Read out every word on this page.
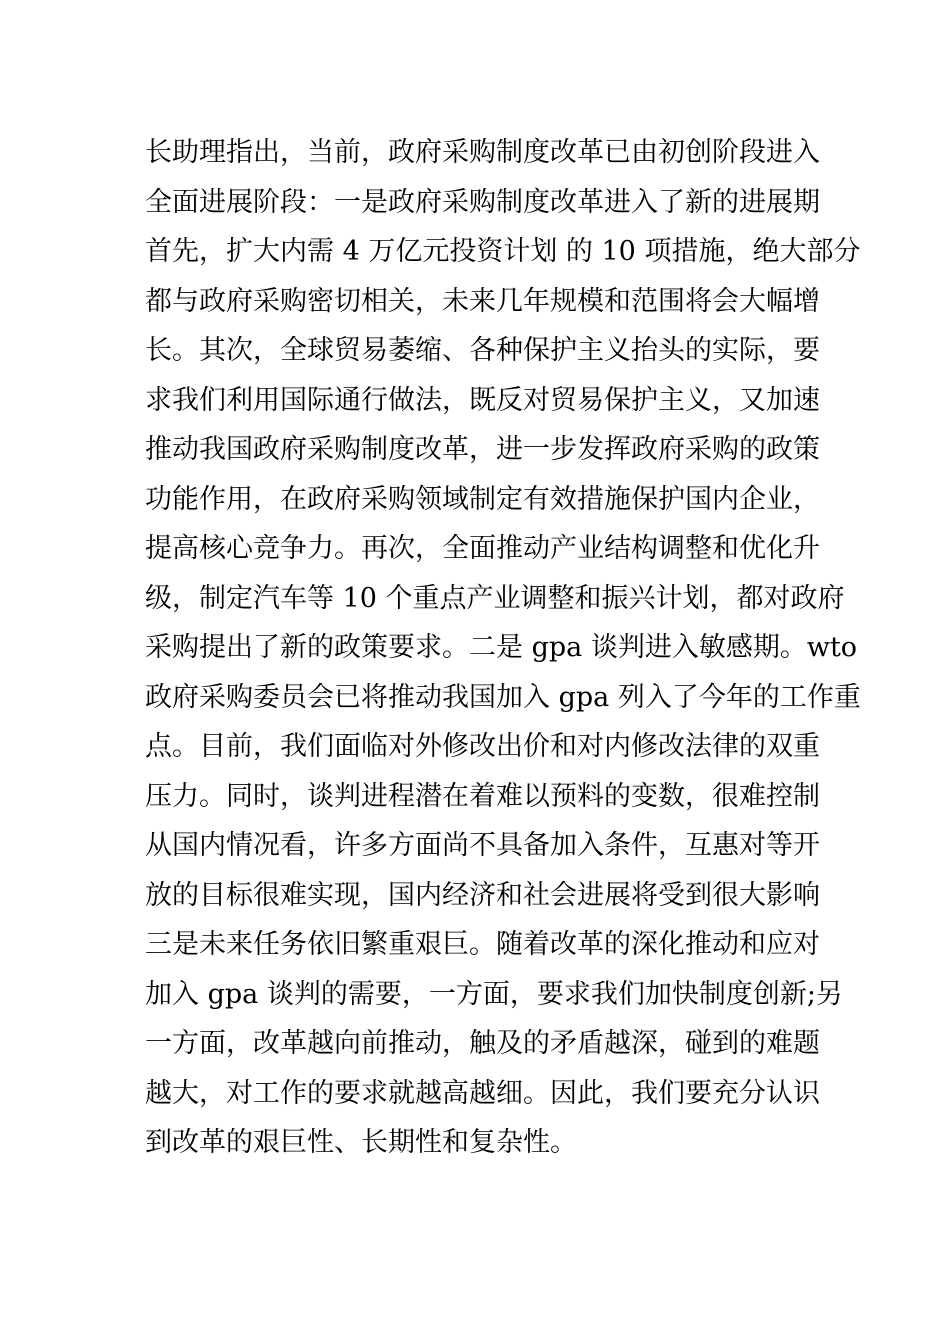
长助理指出，当前，政府采购制度改革已由初创阶段进入
全面进展阶段：一是政府采购制度改革进入了新的进展期
首先，扩大内需 4 万亿元投资计划 的 10 项措施，绝大部分
都与政府采购密切相关，未来几年规模和范围将会大幅增
长。其次，全球贸易萎缩、各种保护主义抬头的实际，要
求我们利用国际通行做法，既反对贸易保护主义，又加速
推动我国政府采购制度改革，进一步发挥政府采购的政策
功能作用，在政府采购领域制定有效措施保护国内企业，
提高核心竞争力。再次，全面推动产业结构调整和优化升
级，制定汽车等 10 个重点产业调整和振兴计划，都对政府
采购提出了新的政策要求。二是 gpa 谈判进入敏感期。wto
政府采购委员会已将推动我国加入 gpa 列入了今年的工作重
点。目前，我们面临对外修改出价和对内修改法律的双重
压力。同时，谈判进程潜在着难以预料的变数，很难控制
从国内情况看，许多方面尚不具备加入条件，互惠对等开
放的目标很难实现，国内经济和社会进展将受到很大影响
三是未来任务依旧繁重艰巨。随着改革的深化推动和应对
加入 gpa 谈判的需要，一方面，要求我们加快制度创新;另
一方面，改革越向前推动，触及的矛盾越深，碰到的难题
越大，对工作的要求就越高越细。因此，我们要充分认识
到改革的艰巨性、长期性和复杂性。
